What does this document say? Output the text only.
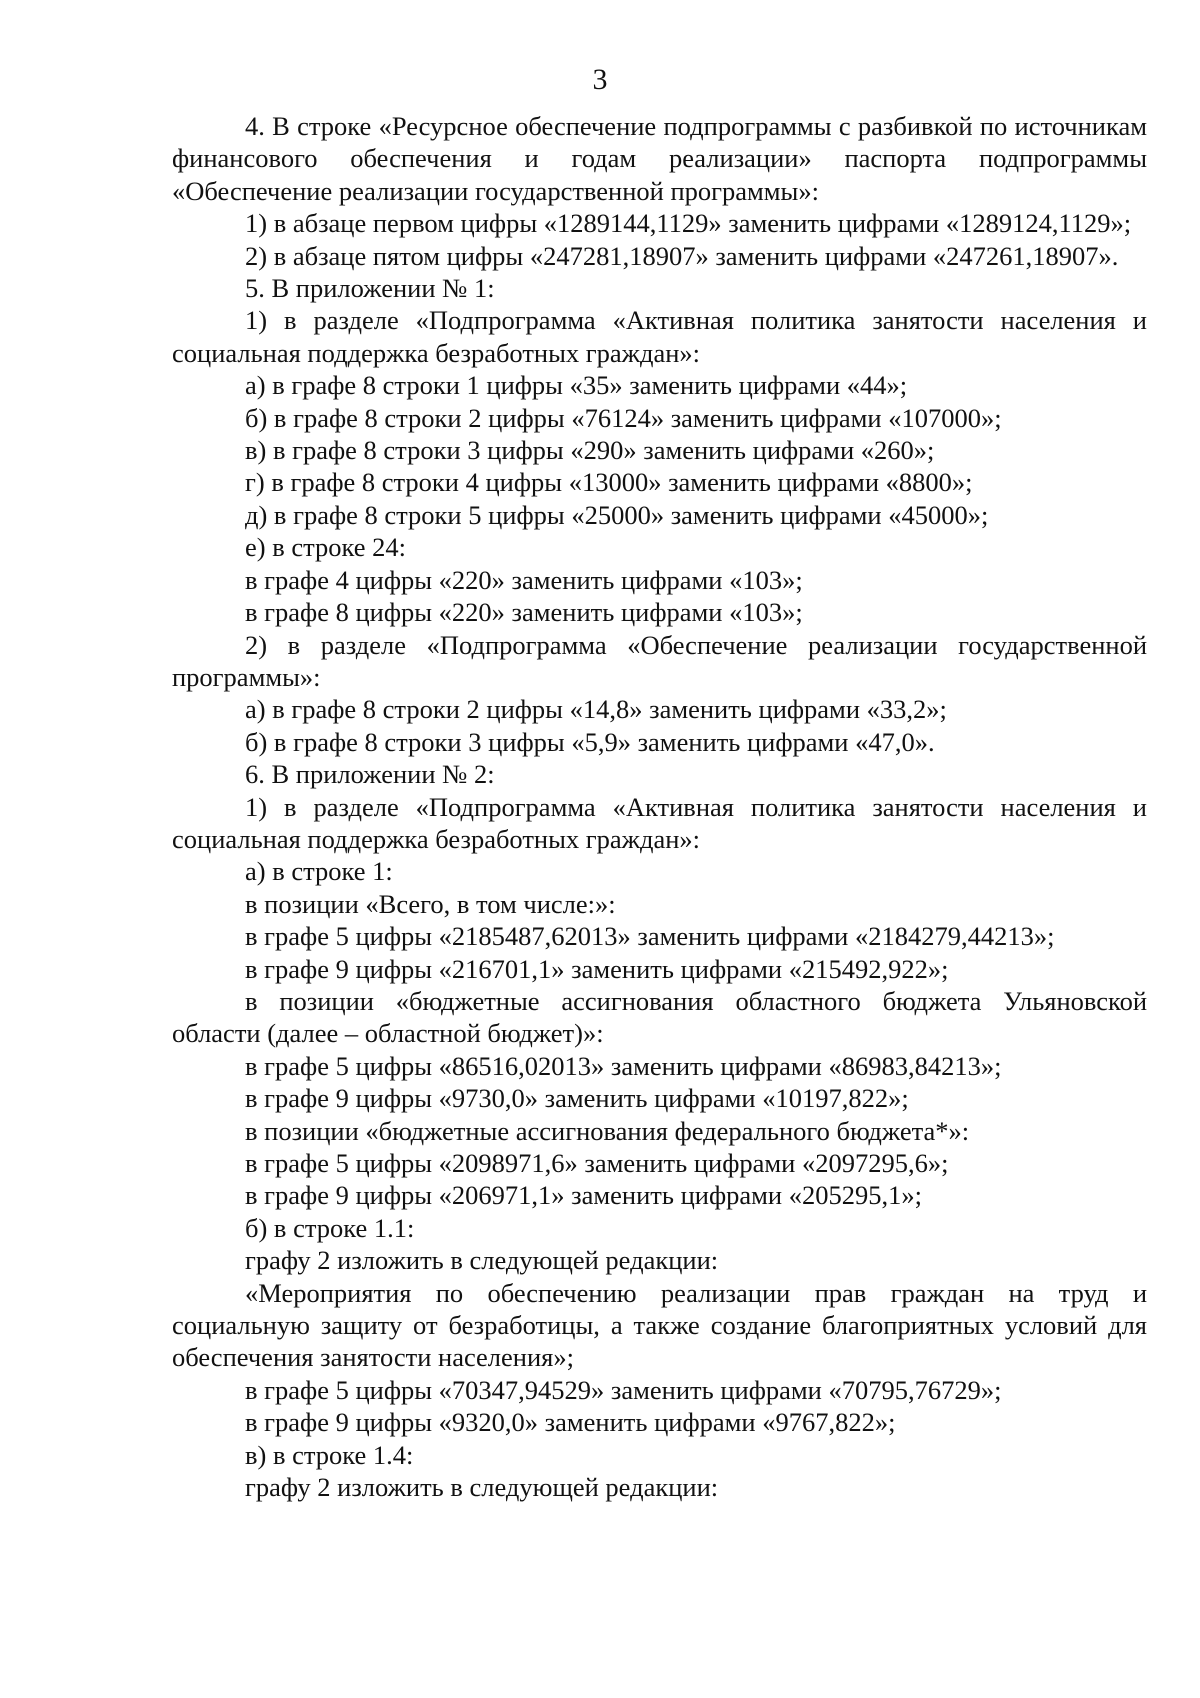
3

4. В строке «Ресурсное обеспечение подпрограммы с разбивкой по источникам финансового обеспечения и годам реализации» паспорта подпрограммы «Обеспечение реализации государственной программы»:

1) в абзаце первом цифры «1289144,1129» заменить цифрами «1289124,1129»;

2) в абзаце пятом цифры «247281,18907» заменить цифрами «247261,18907».

5. В приложении № 1:

1) в разделе «Подпрограмма «Активная политика занятости населения и социальная поддержка безработных граждан»:

а) в графе 8 строки 1 цифры «35» заменить цифрами «44»;

б) в графе 8 строки 2 цифры «76124» заменить цифрами «107000»;

в) в графе 8 строки 3 цифры «290» заменить цифрами «260»;

г) в графе 8 строки 4 цифры «13000» заменить цифрами «8800»;

д) в графе 8 строки 5 цифры «25000» заменить цифрами «45000»;

е) в строке 24:

в графе 4 цифры «220» заменить цифрами «103»;

в графе 8 цифры «220» заменить цифрами «103»;

2) в разделе «Подпрограмма «Обеспечение реализации государственной программы»:

а) в графе 8 строки 2 цифры «14,8» заменить цифрами «33,2»;

б) в графе 8 строки 3 цифры «5,9» заменить цифрами «47,0».

6. В приложении № 2:

1) в разделе «Подпрограмма «Активная политика занятости населения и социальная поддержка безработных граждан»:

а) в строке 1:

в позиции «Всего, в том числе:»:

в графе 5 цифры «2185487,62013» заменить цифрами «2184279,44213»;

в графе 9 цифры «216701,1» заменить цифрами «215492,922»;

в позиции «бюджетные ассигнования областного бюджета Ульяновской области (далее – областной бюджет)»:

в графе 5 цифры «86516,02013» заменить цифрами «86983,84213»;

в графе 9 цифры «9730,0» заменить цифрами «10197,822»;

в позиции «бюджетные ассигнования федерального бюджета*»:

в графе 5 цифры «2098971,6» заменить цифрами «2097295,6»;

в графе 9 цифры «206971,1» заменить цифрами «205295,1»;

б) в строке 1.1:

графу 2 изложить в следующей редакции:

«Мероприятия по обеспечению реализации прав граждан на труд и социальную защиту от безработицы, а также создание благоприятных условий для обеспечения занятости населения»;

в графе 5 цифры «70347,94529» заменить цифрами «70795,76729»;

в графе 9 цифры «9320,0» заменить цифрами «9767,822»;

в) в строке 1.4:

графу 2 изложить в следующей редакции:
